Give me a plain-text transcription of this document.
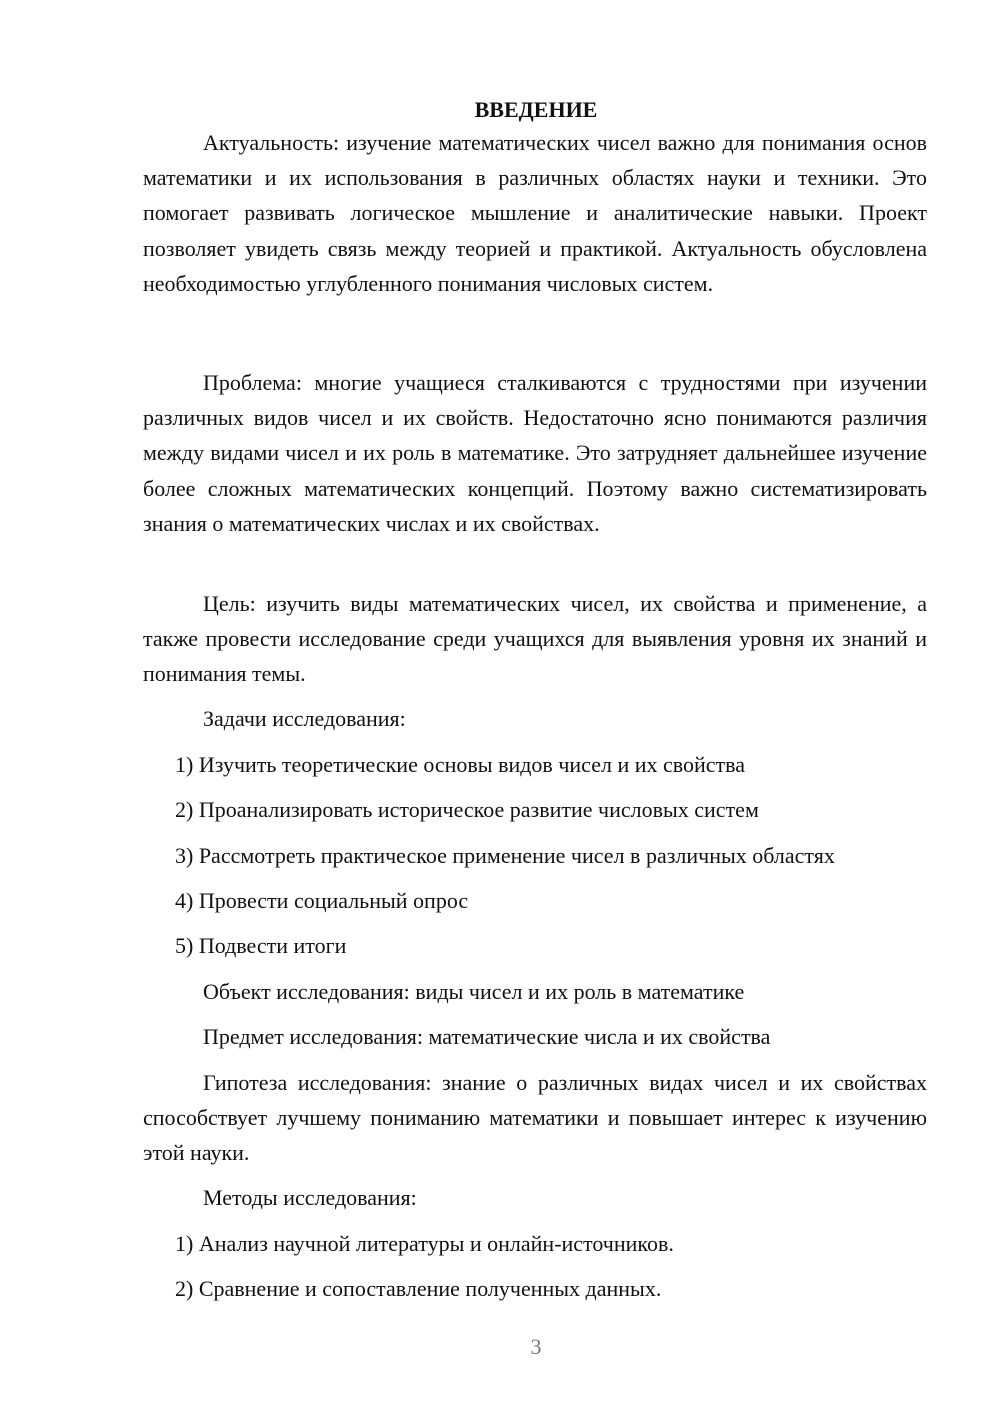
ВВЕДЕНИЕ

Актуальность: изучение математических чисел важно для понимания основ математики и их использования в различных областях науки и техники. Это помогает развивать логическое мышление и аналитические навыки. Проект позволяет увидеть связь между теорией и практикой. Актуальность обусловлена необходимостью углубленного понимания числовых систем.

Проблема: многие учащиеся сталкиваются с трудностями при изучении различных видов чисел и их свойств. Недостаточно ясно понимаются различия между видами чисел и их роль в математике. Это затрудняет дальнейшее изучение более сложных математических концепций. Поэтому важно систематизировать знания о математических числах и их свойствах.

Цель: изучить виды математических чисел, их свойства и применение, а также провести исследование среди учащихся для выявления уровня их знаний и понимания темы.

Задачи исследования:
1) Изучить теоретические основы видов чисел и их свойства
2) Проанализировать историческое развитие числовых систем
3) Рассмотреть практическое применение чисел в различных областях
4) Провести социальный опрос
5) Подвести итоги
Объект исследования: виды чисел и их роль в математике
Предмет исследования: математические числа и их свойства

Гипотеза исследования: знание о различных видах чисел и их свойствах способствует лучшему пониманию математики и повышает интерес к изучению этой науки.

Методы исследования:
1) Анализ научной литературы и онлайн-источников.
2) Сравнение и сопоставление полученных данных.
3
